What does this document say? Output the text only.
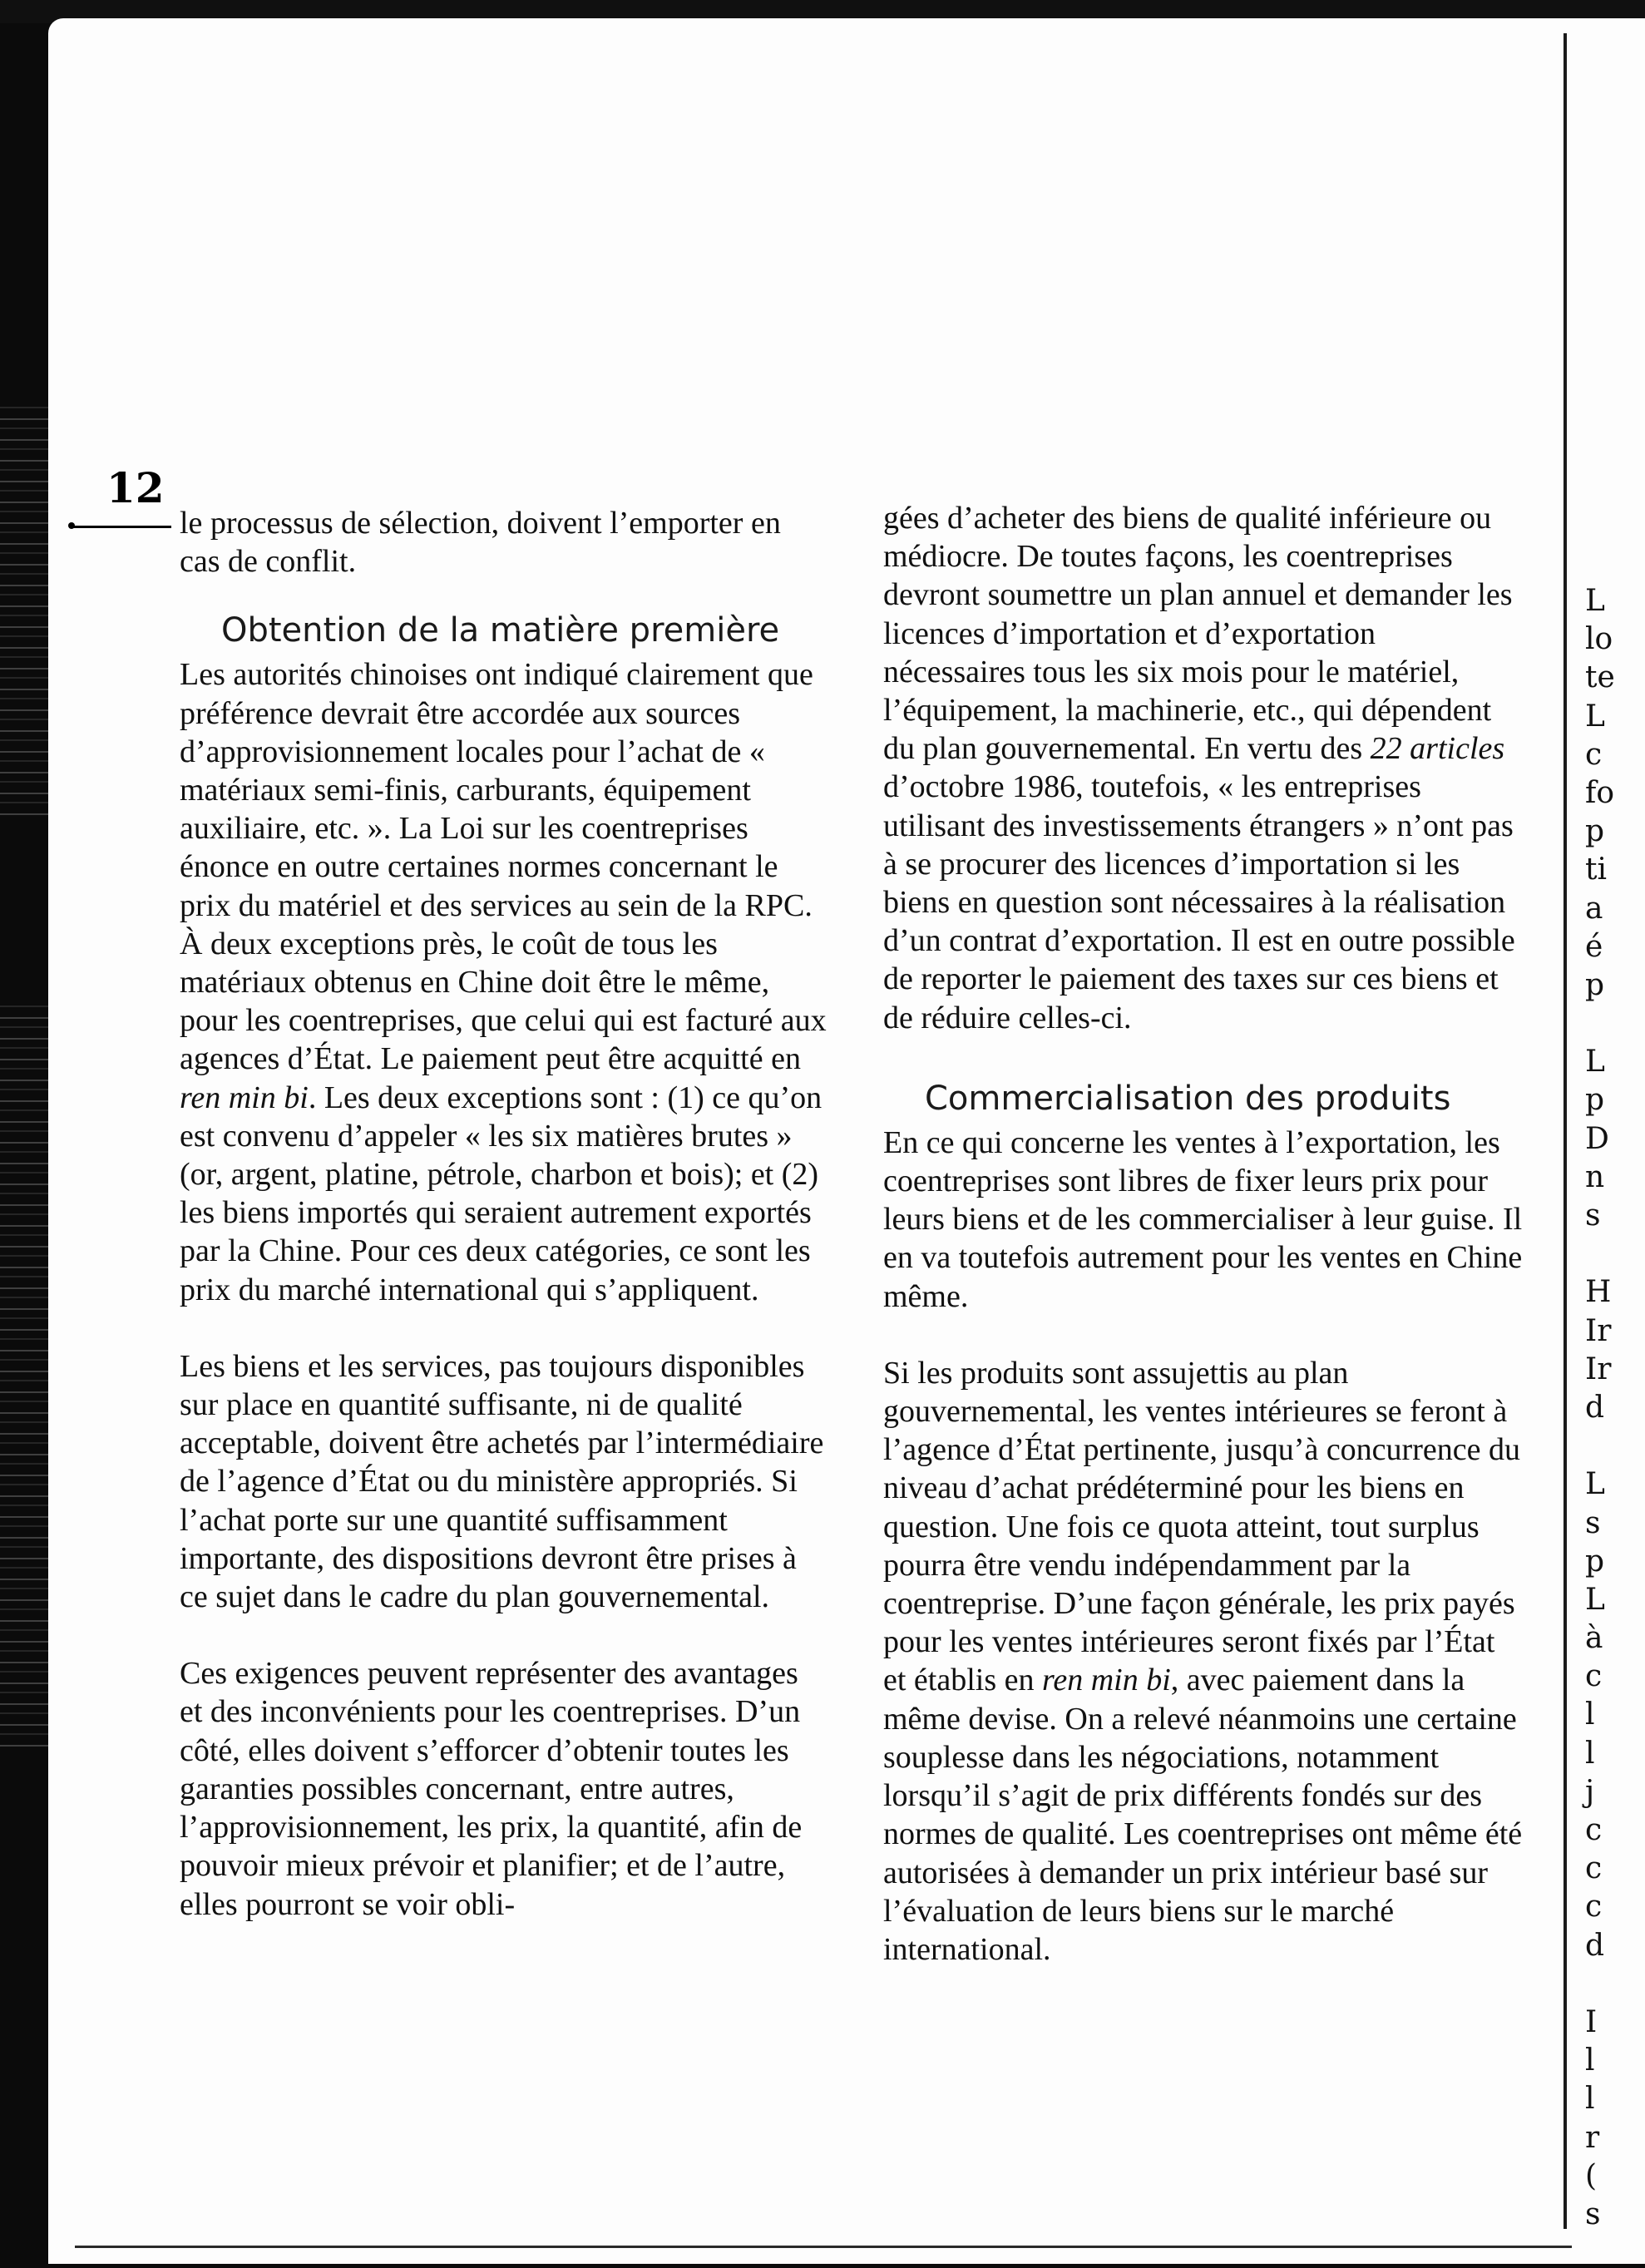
12

le processus de sélection, doivent l’emporter en cas de conflit.

Obtention de la matière première

Les autorités chinoises ont indiqué clairement que préférence devrait être accordée aux sources d’approvisionnement locales pour l’achat de « matériaux semi-finis, carburants, équipement auxiliaire, etc. ». La Loi sur les coentreprises énonce en outre certaines normes concernant le prix du matériel et des services au sein de la RPC. À deux exceptions près, le coût de tous les matériaux obtenus en Chine doit être le même, pour les coentreprises, que celui qui est facturé aux agences d’État. Le paiement peut être acquitté en ren min bi. Les deux exceptions sont : (1) ce qu’on est convenu d’appeler « les six matières brutes » (or, argent, platine, pétrole, charbon et bois); et (2) les biens importés qui seraient autrement exportés par la Chine. Pour ces deux catégories, ce sont les prix du marché international qui s’appliquent.

Les biens et les services, pas toujours disponibles sur place en quantité suffisante, ni de qualité acceptable, doivent être achetés par l’intermédiaire de l’agence d’État ou du ministère appropriés. Si l’achat porte sur une quantité suffisamment importante, des dispositions devront être prises à ce sujet dans le cadre du plan gouvernemental.

Ces exigences peuvent représenter des avantages et des inconvénients pour les coentreprises. D’un côté, elles doivent s’efforcer d’obtenir toutes les garanties possibles concernant, entre autres, l’approvisionnement, les prix, la quantité, afin de pouvoir mieux prévoir et planifier; et de l’autre, elles pourront se voir obli-

gées d’acheter des biens de qualité inférieure ou médiocre. De toutes façons, les coentreprises devront soumettre un plan annuel et demander les licences d’importation et d’exportation nécessaires tous les six mois pour le matériel, l’équipement, la machinerie, etc., qui dépendent du plan gouvernemental. En vertu des 22 articles d’octobre 1986, toutefois, « les entreprises utilisant des investissements étrangers » n’ont pas à se procurer des licences d’importation si les biens en question sont nécessaires à la réalisation d’un contrat d’exportation. Il est en outre possible de reporter le paiement des taxes sur ces biens et de réduire celles-ci.

Commercialisation des produits

En ce qui concerne les ventes à l’exportation, les coentreprises sont libres de fixer leurs prix pour leurs biens et de les commercialiser à leur guise. Il en va toutefois autrement pour les ventes en Chine même.

Si les produits sont assujettis au plan gouvernemental, les ventes intérieures se feront à l’agence d’État pertinente, jusqu’à concurrence du niveau d’achat prédéterminé pour les biens en question. Une fois ce quota atteint, tout surplus pourra être vendu indépendamment par la coentreprise. D’une façon générale, les prix payés pour les ventes intérieures seront fixés par l’État et établis en ren min bi, avec paiement dans la même devise. On a relevé néanmoins une certaine souplesse dans les négociations, notamment lorsqu’il s’agit de prix différents fondés sur des normes de qualité. Les coentreprises ont même été autorisées à demander un prix intérieur basé sur l’évaluation de leurs biens sur le marché international.

L
lo
te
L
c
fo
p
ti
a
é
p
L
p
D
n
s
H
Ir
Ir
d
L
s
p
L
à
c
l
l
j
c
c
c
d
I
l
l
r
(
s
